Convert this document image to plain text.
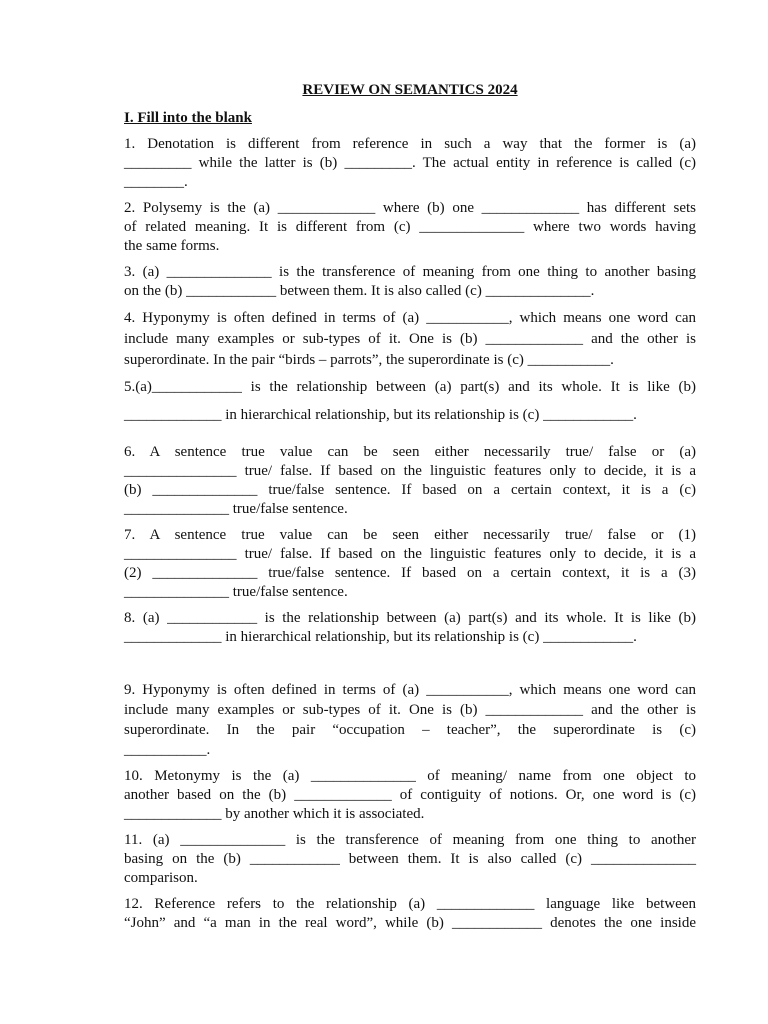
REVIEW ON SEMANTICS 2024
I. Fill into the blank
1. Denotation is different from reference in such a way that the former is (a)
_________ while the latter is (b) _________. The actual entity in reference is called (c)
________.
2. Polysemy is the (a) _____________ where (b) one _____________ has different sets
of related meaning. It is different from (c) ______________ where two words having
the same forms.
3. (a) ______________ is the transference of meaning from one thing to another basing
on the (b) ____________ between them. It is also called (c) ______________.
4. Hyponymy is often defined in terms of (a) ___________, which means one word can
include many examples or sub-types of it. One is (b) _____________ and the other is
superordinate. In the pair “birds – parrots”, the superordinate is (c) ___________.
5.(a)____________ is the relationship between (a) part(s) and its whole. It is like (b)
_____________ in hierarchical relationship, but its relationship is (c) ____________.
6. A sentence true value can be seen either necessarily true/ false or (a)
_______________ true/ false. If based on the linguistic features only to decide, it is a
(b) ______________ true/false sentence. If based on a certain context, it is a (c)
______________ true/false sentence.
7. A sentence true value can be seen either necessarily true/ false or (1)
_______________ true/ false. If based on the linguistic features only to decide, it is a
(2) ______________ true/false sentence. If based on a certain context, it is a (3)
______________ true/false sentence.
8. (a) ____________ is the relationship between (a) part(s) and its whole. It is like (b)
_____________ in hierarchical relationship, but its relationship is (c) ____________.
9. Hyponymy is often defined in terms of (a) ___________, which means one word can
include many examples or sub-types of it. One is (b) _____________ and the other is
superordinate. In the pair “occupation – teacher”, the superordinate is (c)
___________.
10. Metonymy is the (a) ______________ of meaning/ name from one object to
another based on the (b) _____________ of contiguity of notions. Or, one word is (c)
_____________ by another which it is associated.
11. (a) ______________ is the transference of meaning from one thing to another
basing on the (b) ____________ between them. It is also called (c) ______________
comparison.
12. Reference refers to the relationship (a) _____________ language like between
“John” and “a man in the real word”, while (b) ____________ denotes the one inside
